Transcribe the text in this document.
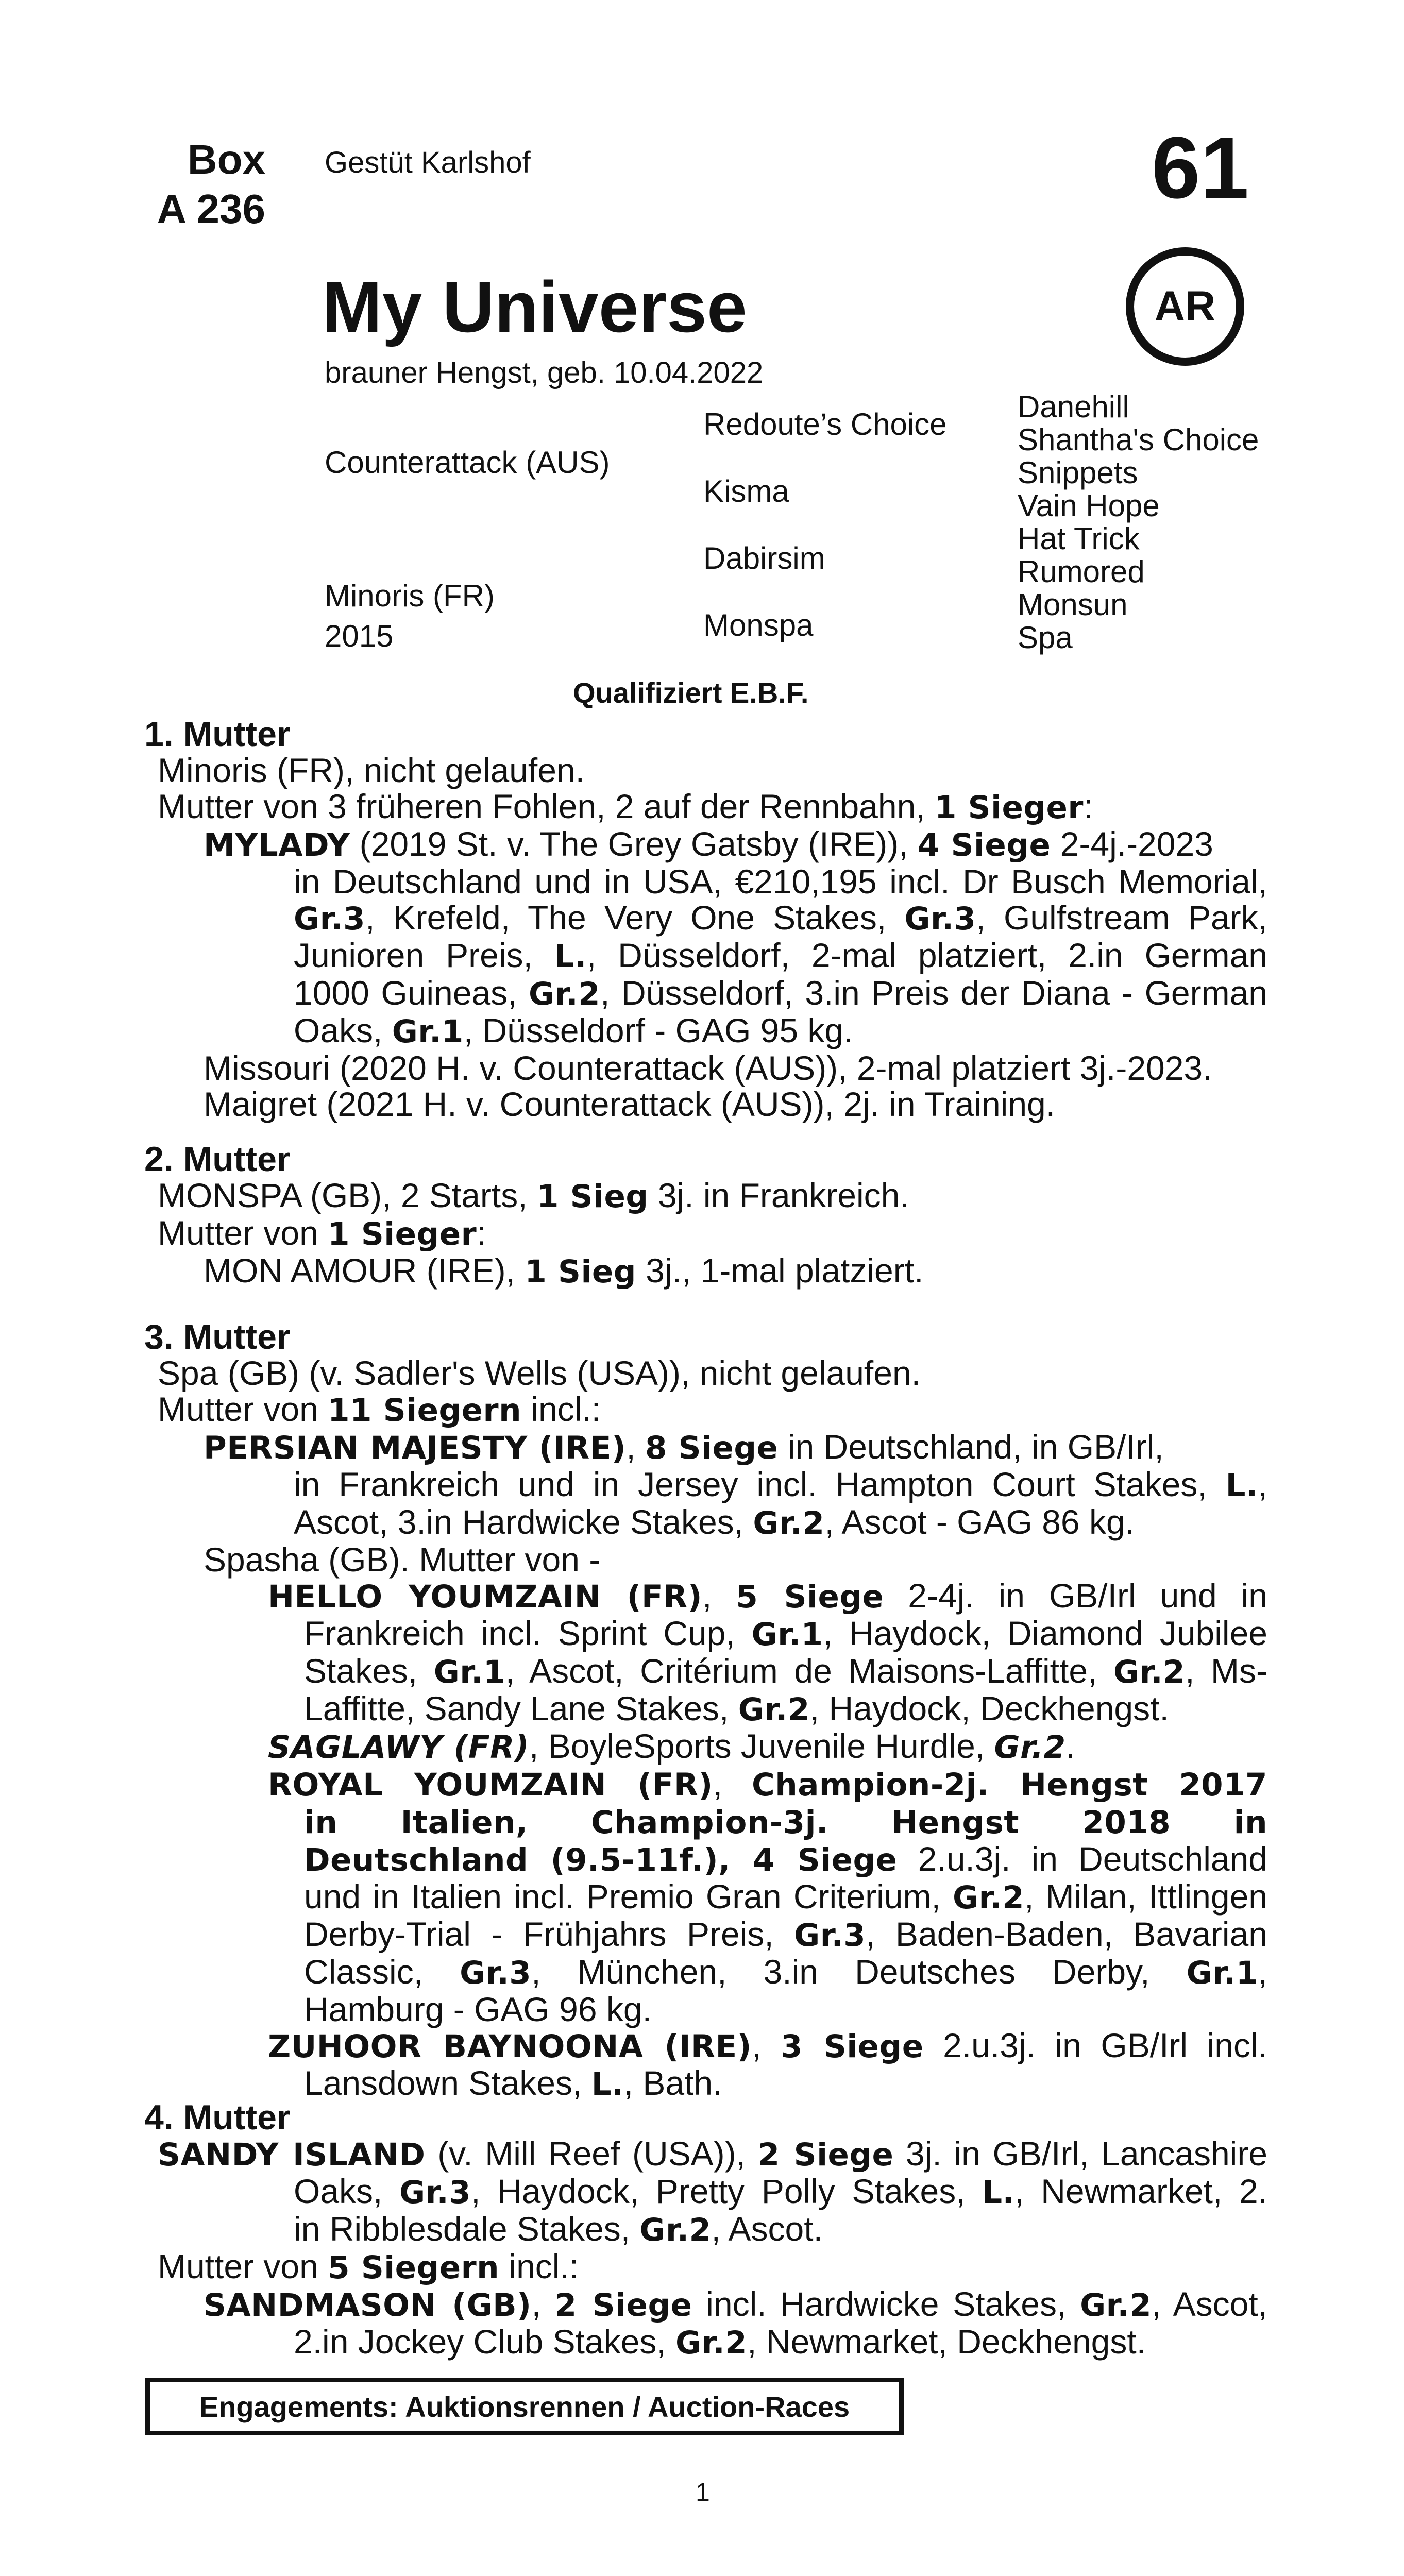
Box
A 236
Gestüt Karlshof	61
AR
My Universe
brauner Hengst, geb. 10.04.2022
Counterattack (AUS)
Minoris (FR)
2015
Redoute’s Choice
Kisma
Dabirsim
Monspa
Danehill
Shantha's Choice
Snippets
Vain Hope
Hat Trick
Rumored
Monsun
Spa
Qualifiziert E.B.F.
1. Mutter
Minoris (FR), nicht gelaufen.
Mutter von 3 früheren Fohlen, 2 auf der Rennbahn, 1 Sieger:
MYLADY (2019 St. v. The Grey Gatsby (IRE)), 4 Siege 2-4j.-2023
in Deutschland und in USA, €210,195 incl. Dr Busch Memorial,
Gr.3, Krefeld, The Very One Stakes, Gr.3, Gulfstream Park,
Junioren Preis, L., Düsseldorf, 2-mal platziert, 2.in German
1000 Guineas, Gr.2, Düsseldorf, 3.in Preis der Diana - German
Oaks, Gr.1, Düsseldorf - GAG 95 kg.
Missouri (2020 H. v. Counterattack (AUS)), 2-mal platziert 3j.-2023.
Maigret (2021 H. v. Counterattack (AUS)), 2j. in Training.
2. Mutter
MONSPA (GB), 2 Starts, 1 Sieg 3j. in Frankreich.
Mutter von 1 Sieger:
MON AMOUR (IRE), 1 Sieg 3j., 1-mal platziert.
3. Mutter
Spa (GB) (v. Sadler's Wells (USA)), nicht gelaufen.
Mutter von 11 Siegern incl.:
PERSIAN MAJESTY (IRE), 8 Siege in Deutschland, in GB/Irl,
in Frankreich und in Jersey incl. Hampton Court Stakes, L.,
Ascot, 3.in Hardwicke Stakes, Gr.2, Ascot - GAG 86 kg.
Spasha (GB). Mutter von -
HELLO YOUMZAIN (FR), 5 Siege 2-4j. in GB/Irl und in
Frankreich incl. Sprint Cup, Gr.1, Haydock, Diamond Jubilee
Stakes, Gr.1, Ascot, Critérium de Maisons-Laffitte, Gr.2, Ms-
Laffitte, Sandy Lane Stakes, Gr.2, Haydock, Deckhengst.
SAGLAWY (FR), BoyleSports Juvenile Hurdle, Gr.2.
ROYAL YOUMZAIN (FR), Champion-2j. Hengst 2017
in Italien, Champion-3j. Hengst 2018 in
Deutschland (9.5-11f.), 4 Siege 2.u.3j. in Deutschland
und in Italien incl. Premio Gran Criterium, Gr.2, Milan, Ittlingen
Derby-Trial - Frühjahrs Preis, Gr.3, Baden-Baden, Bavarian
Classic, Gr.3, München, 3.in Deutsches Derby, Gr.1,
Hamburg - GAG 96 kg.
ZUHOOR BAYNOONA (IRE), 3 Siege 2.u.3j. in GB/Irl incl.
Lansdown Stakes, L., Bath.
4. Mutter
SANDY ISLAND (v. Mill Reef (USA)), 2 Siege 3j. in GB/Irl, Lancashire
Oaks, Gr.3, Haydock, Pretty Polly Stakes, L., Newmarket, 2.
in Ribblesdale Stakes, Gr.2, Ascot.
Mutter von 5 Siegern incl.:
SANDMASON (GB), 2 Siege incl. Hardwicke Stakes, Gr.2, Ascot,
2.in Jockey Club Stakes, Gr.2, Newmarket, Deckhengst.
Engagements: Auktionsrennen / Auction-Races
1
